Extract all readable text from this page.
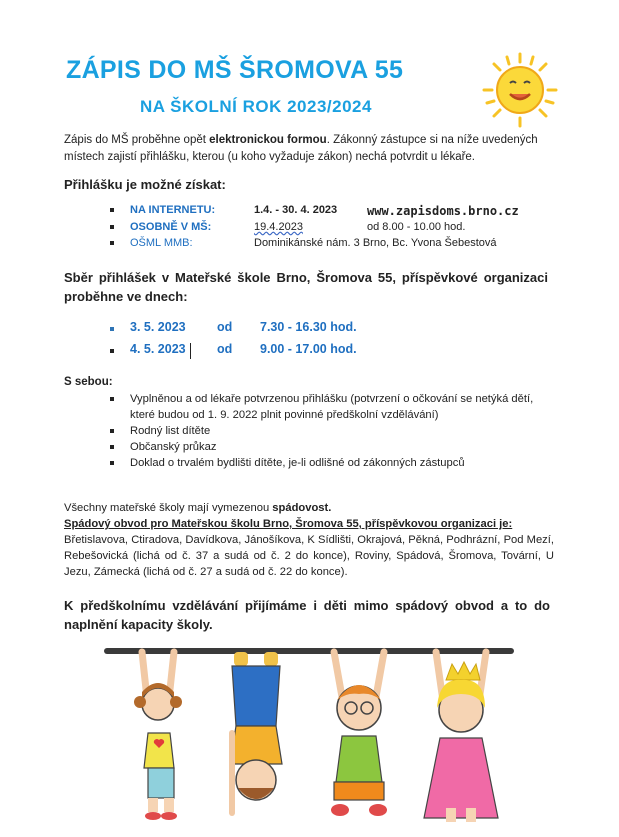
ZÁPIS DO MŠ ŠROMOVA 55
NA ŠKOLNÍ ROK 2023/2024
Zápis do MŠ proběhne opět elektronickou formou. Zákonný zástupce si na níže uvedených místech zajistí přihlášku, kterou (u koho vyžaduje zákon) nechá potvrdit u lékaře.
Přihlášku je možné získat:
NA INTERNETU:	1.4. - 30. 4. 2023 www.zapisdoms.brno.cz
OSOBNĚ V MŠ:	19.4.2023	od 8.00 - 10.00 hod.
OŠML MMB:	Dominikánské nám. 3 Brno, Bc. Yvona Šebestová
Sběr přihlášek v Mateřské škole Brno, Šromova 55, příspěvkové organizaci proběhne ve dnech:
3. 5. 2023	od 7.30 - 16.30 hod.
4. 5. 2023	od 9.00 - 17.00 hod.
S sebou:
Vyplněnou a od lékaře potvrzenou přihlášku (potvrzení o očkování se netýká dětí, které budou od 1. 9. 2022 plnit povinné předškolní vzdělávání)
Rodný list dítěte
Občanský průkaz
Doklad o trvalém bydlišti dítěte, je-li odlišné od zákonných zástupců
Všechny mateřské školy mají vymezenou spádovost.
Spádový obvod pro Mateřskou školu Brno, Šromova 55, příspěvkovou organizaci je:
Břetislavova, Ctiradova, Davídkova, Jánošíkova, K Sídlišti, Okrajová, Pěkná, Podhrázní, Pod Mezí, Rebešovická (lichá od č. 37 a sudá od č. 2 do konce), Roviny, Spádová, Šromova, Tovární, U Jezu, Zámecká (lichá od č. 27 a sudá od č. 22 do konce).
K předškolnímu vzdělávání přijímáme i děti mimo spádový obvod a to do naplnění kapacity školy.
